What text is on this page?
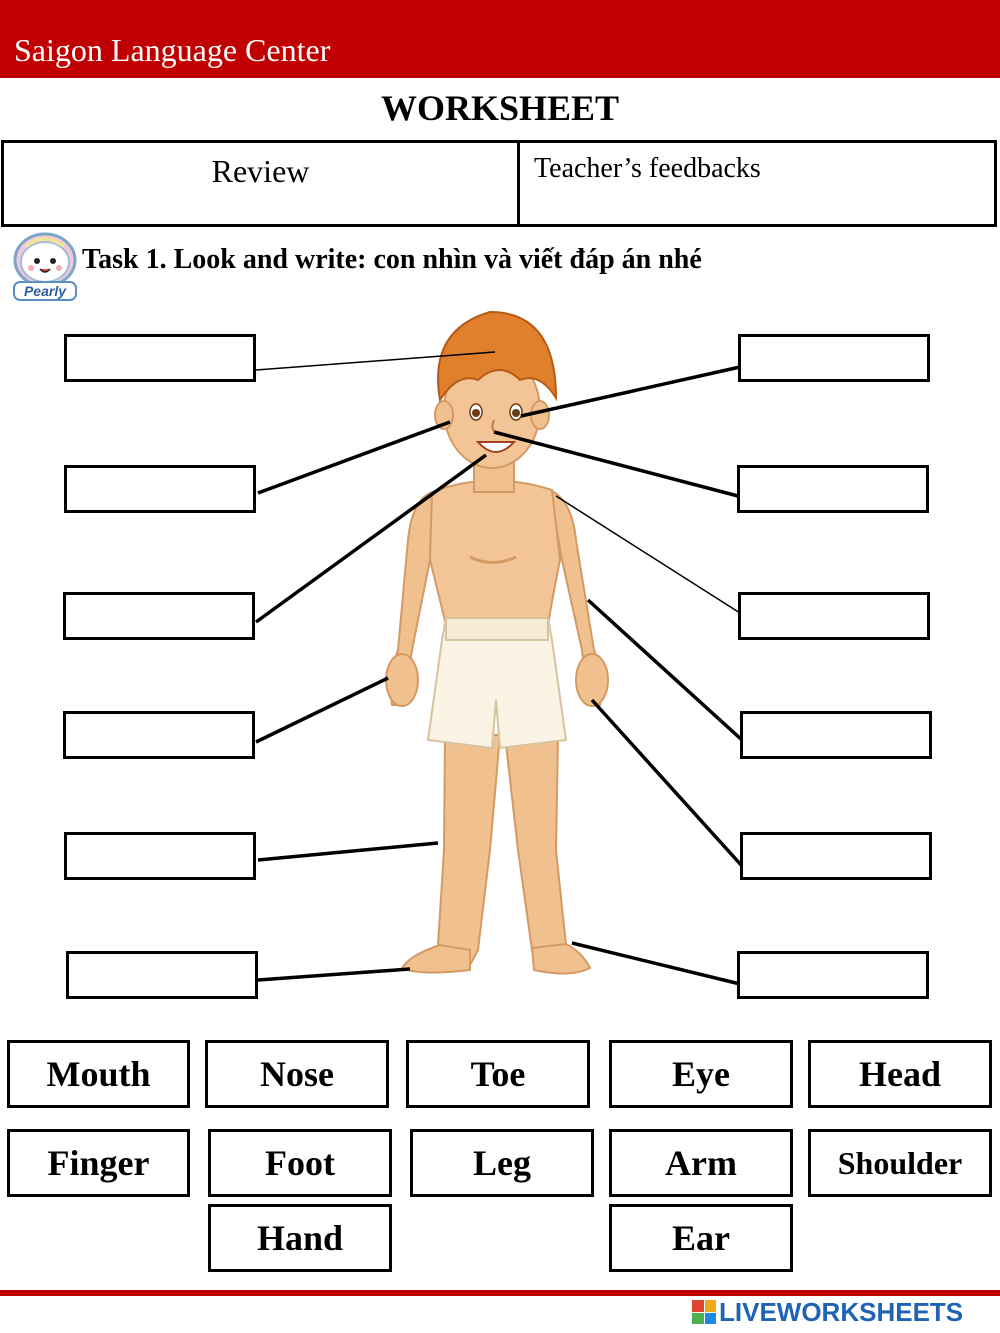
Saigon Language Center
WORKSHEET
Review	Teacher’s feedbacks
Pearly
Task 1. Look and write: con nhìn và viết đáp án nhé
Mouth	Nose	Toe	Eye	Head
Finger	Foot	Leg	Arm	Shoulder
Hand	Ear
LIVEWORKSHEETS
